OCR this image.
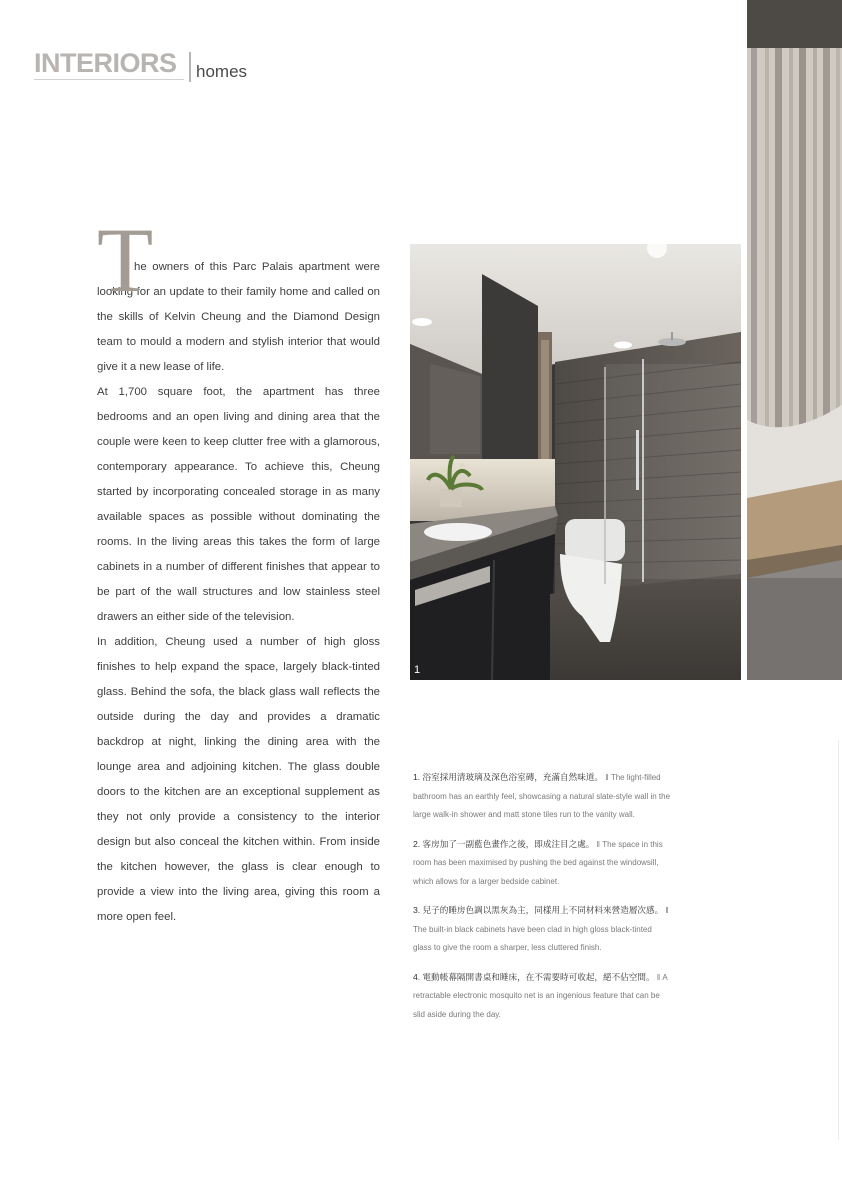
INTERIORS homes
T

he owners of this Parc Palais apartment were looking for an update to their family home and called on the skills of Kelvin Cheung and the Diamond Design team to mould a modern and stylish interior that would give it a new lease of life.

At 1,700 square foot, the apartment has three bedrooms and an open living and dining area that the couple were keen to keep clutter free with a glamorous, contemporary appearance. To achieve this, Cheung started by incorporating concealed storage in as many available spaces as possible without dominating the rooms. In the living areas this takes the form of large cabinets in a number of different finishes that appear to be part of the wall structures and low stainless steel drawers an either side of the television.

In addition, Cheung used a number of high gloss finishes to help expand the space, largely black-tinted glass. Behind the sofa, the black glass wall reflects the outside during the day and provides a dramatic backdrop at night, linking the dining area with the lounge area and adjoining kitchen. The glass double doors to the kitchen are an exceptional supplement as they not only provide a consistency to the interior design but also conceal the kitchen within. From inside the kitchen however, the glass is clear enough to provide a view into the living area, giving this room a more open feel.

1

1. 浴室採用清玻璃及深色浴室磚，充滿自然味道。 ‖ The light-filled bathroom has an earthly feel, showcasing a natural slate-style wall in the large walk-in shower and matt stone tiles run to the vanity wall.

2. 客房加了一副藍色畫作之後，即成注目之處。 ‖ The space in this room has been maximised by pushing the bed against the windowsill, which allows for a larger bedside cabinet.

3. 兒子的睡房色調以黑灰為主，同樣用上不同材料來營造層次感。 ‖ The built-in black cabinets have been clad in high gloss black-tinted glass to give the room a sharper, less cluttered finish.

4. 電動帳幕隔開書桌和睡床，在不需要時可收起，絕不佔空間。 ‖ A retractable electronic mosquito net is an ingenious feature that can be slid aside during the day.
